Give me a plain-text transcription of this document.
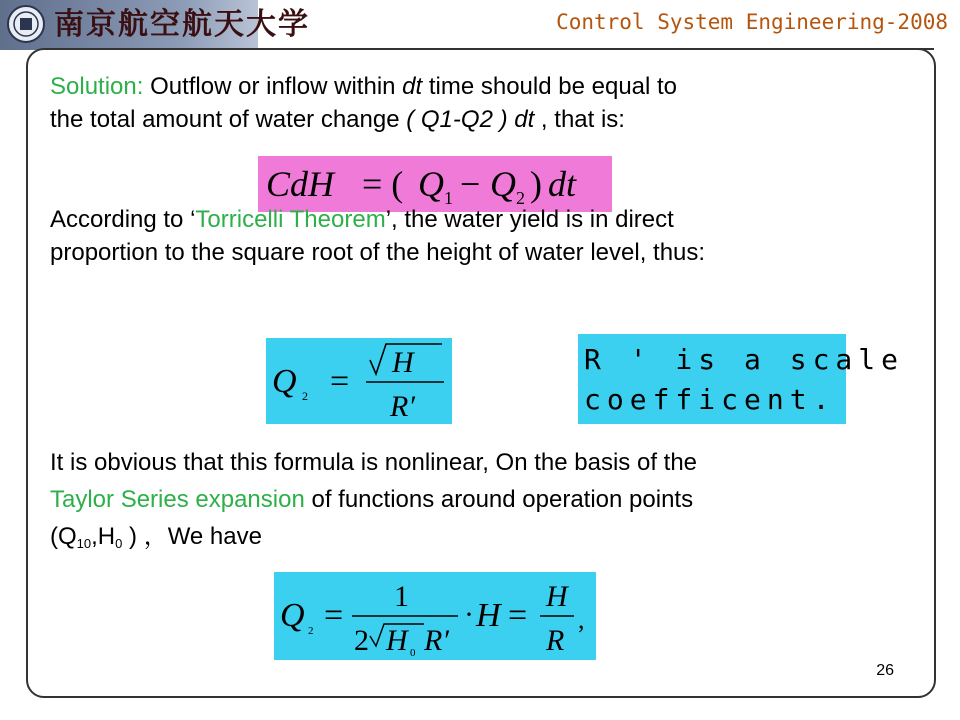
南京航空航天大学	Control System Engineering-2008
Solution: Outflow or inflow within dt time should be equal to
the total amount of water change ( Q1-Q2 ) dt , that is:
CdH = ( Q 1 − Q 2 ) dt
According to ‘Torricelli Theorem’, the water yield is in direct
proportion to the square root of the height of water level, thus:
Q 2 =
H
R′
R ' is a scale
coefficent.
It is obvious that this formula is nonlinear, On the basis of the
Taylor Series expansion of functions around operation points
($Q_{10},H_0$ ) ，We have
Q 2 =
1
2 H 0 R′
· H =
H
R
,
26
